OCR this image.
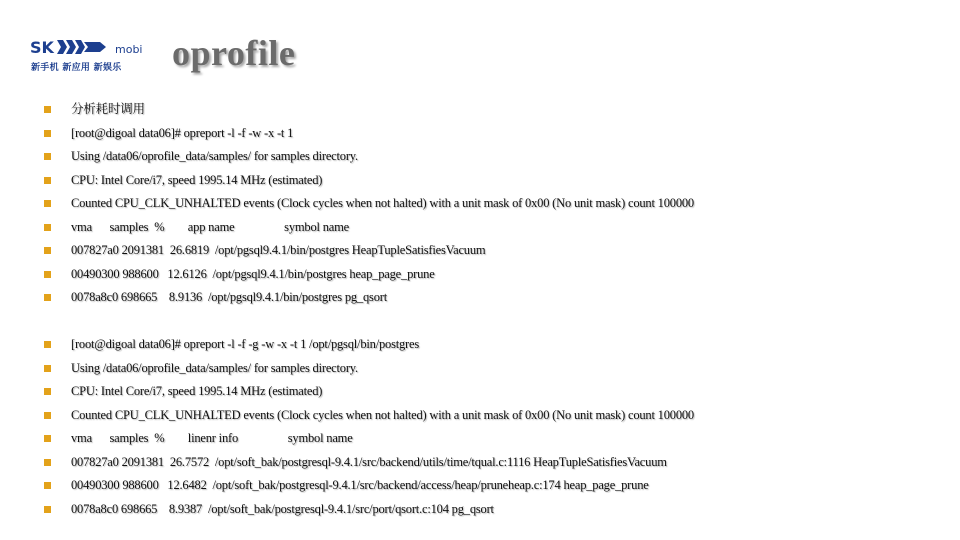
SK	mobi
新手机 新应用 新娱乐 oprofile
分析耗时调用
[root@digoal data06]# opreport -l -f -w -x -t 1
Using /data06/oprofile_data/samples/ for samples directory.
CPU: Intel Core/i7, speed 1995.14 MHz (estimated)
Counted CPU_CLK_UNHALTED events (Clock cycles when not halted) with a unit mask of 0x00 (No unit mask) count 100000
vma      samples  %        app name                 symbol name
007827a0 2091381  26.6819  /opt/pgsql9.4.1/bin/postgres HeapTupleSatisfiesVacuum
00490300 988600   12.6126  /opt/pgsql9.4.1/bin/postgres heap_page_prune
0078a8c0 698665    8.9136  /opt/pgsql9.4.1/bin/postgres pg_qsort
[root@digoal data06]# opreport -l -f -g -w -x -t 1 /opt/pgsql/bin/postgres
Using /data06/oprofile_data/samples/ for samples directory.
CPU: Intel Core/i7, speed 1995.14 MHz (estimated)
Counted CPU_CLK_UNHALTED events (Clock cycles when not halted) with a unit mask of 0x00 (No unit mask) count 100000
vma      samples  %        linenr info                 symbol name
007827a0 2091381  26.7572  /opt/soft_bak/postgresql-9.4.1/src/backend/utils/time/tqual.c:1116 HeapTupleSatisfiesVacuum
00490300 988600   12.6482  /opt/soft_bak/postgresql-9.4.1/src/backend/access/heap/pruneheap.c:174 heap_page_prune
0078a8c0 698665    8.9387  /opt/soft_bak/postgresql-9.4.1/src/port/qsort.c:104 pg_qsort
